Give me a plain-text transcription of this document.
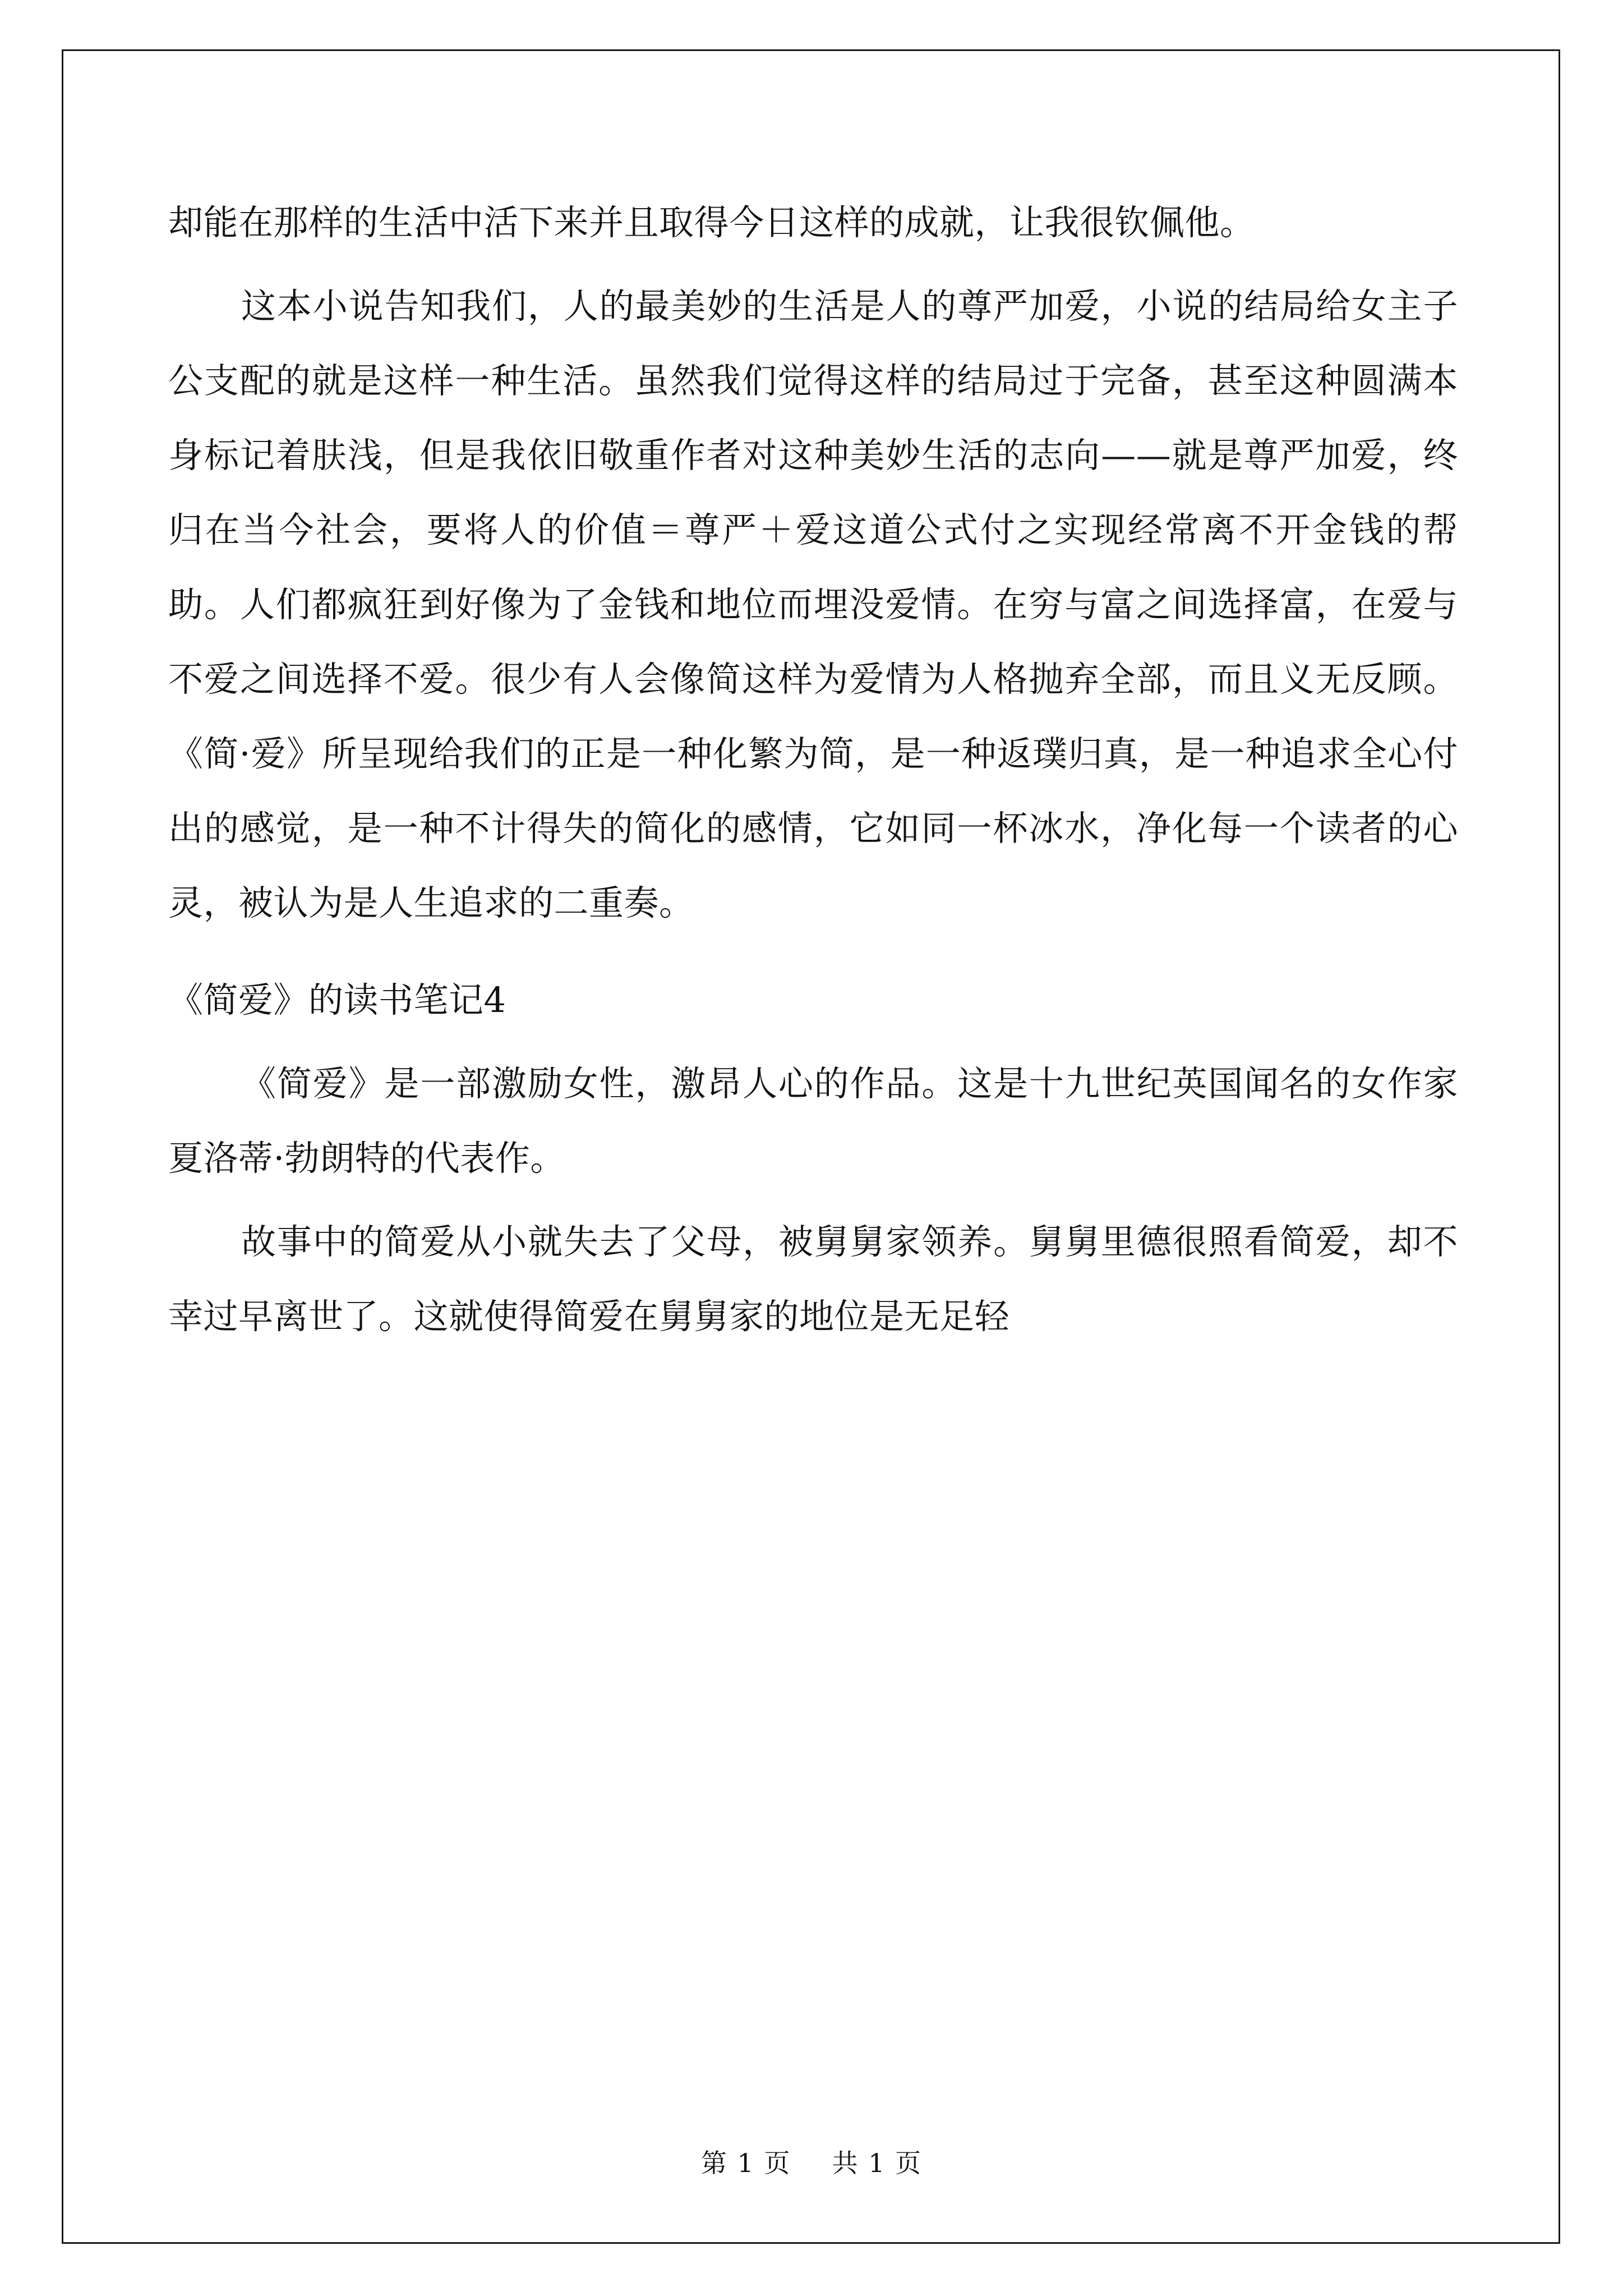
却能在那样的生活中活下来并且取得今日这样的成就，让我很钦佩他。

这本小说告知我们，人的最美妙的生活是人的尊严加爱，小说的结局给女主子公支配的就是这样一种生活。虽然我们觉得这样的结局过于完备，甚至这种圆满本身标记着肤浅，但是我依旧敬重作者对这种美妙生活的志向——就是尊严加爱，终归在当今社会，要将人的价值＝尊严＋爱这道公式付之实现经常离不开金钱的帮助。人们都疯狂到好像为了金钱和地位而埋没爱情。在穷与富之间选择富，在爱与不爱之间选择不爱。很少有人会像简这样为爱情为人格抛弃全部，而且义无反顾。《简·爱》所呈现给我们的正是一种化繁为简，是一种返璞归真，是一种追求全心付出的感觉，是一种不计得失的简化的感情，它如同一杯冰水，净化每一个读者的心灵，被认为是人生追求的二重奏。

《简爱》的读书笔记4

《简爱》是一部激励女性，激昂人心的作品。这是十九世纪英国闻名的女作家夏洛蒂·勃朗特的代表作。

故事中的简爱从小就失去了父母，被舅舅家领养。舅舅里德很照看简爱，却不幸过早离世了。这就使得简爱在舅舅家的地位是无足轻

第 1 页 共 1 页
